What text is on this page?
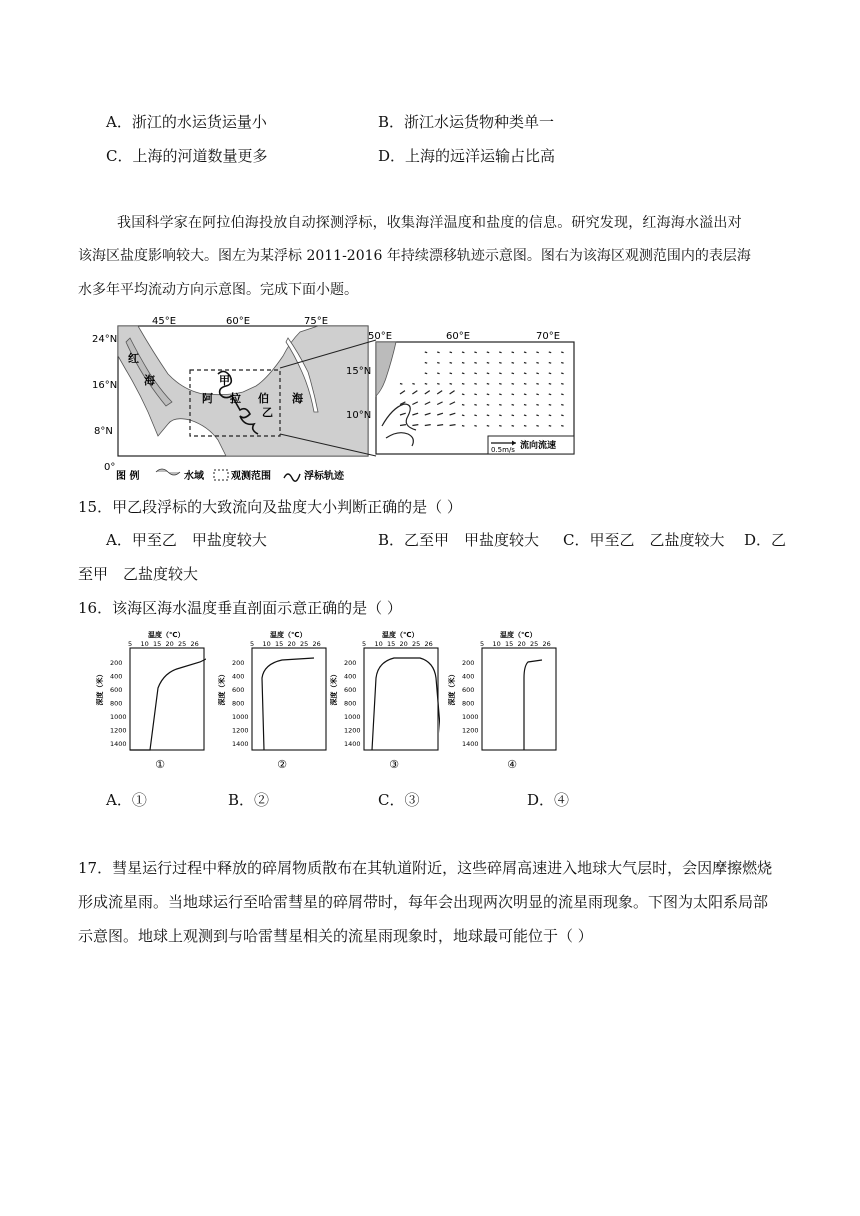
A．浙江的水运货运量小	B．浙江水运货物种类单一
C．上海的河道数量更多	D．上海的远洋运输占比高
我国科学家在阿拉伯海投放自动探测浮标，收集海洋温度和盐度的信息。研究发现，红海海水溢出对
该海区盐度影响较大。图左为某浮标 2011-2016 年持续漂移轨迹示意图。图右为该海区观测范围内的表层海
水多年平均流动方向示意图。完成下面小题。
24°N
16°N
8°N
0°
45°E	60°E	75°E
红
海
阿 拉 伯 海
甲
乙
图 例	水域	观测范围	浮标轨迹
50°E	60°E	70°E
15°N
10°N
0.5m/s 流向流速
15．甲乙段浮标的大致流向及盐度大小判断正确的是（ ）
A．甲至乙　甲盐度较大	B．乙至甲　甲盐度较大 C．甲至乙　乙盐度较大 D．乙
至甲　乙盐度较大
16．该海区海水温度垂直剖面示意正确的是（ ）
温度（℃）
5 10 15 20 25 26
200
400
600
800
1000
1200
1400
深度（米）
①
温度（℃）
5 10 15 20 25 26
200
400
600
800
1000
1200
1400
深度（米）
②
温度（℃）
5 10 15 20 25 26
200
400
600
800
1000
1200
1400
深度（米）
③
温度（℃）
5 10 15 20 25 26
200
400
600
800
1000
1200
1400
深度（米）
④
A．①	B．②	C．③	D．④
17．彗星运行过程中释放的碎屑物质散布在其轨道附近，这些碎屑高速进入地球大气层时，会因摩擦燃烧
形成流星雨。当地球运行至哈雷彗星的碎屑带时，每年会出现两次明显的流星雨现象。下图为太阳系局部
示意图。地球上观测到与哈雷彗星相关的流星雨现象时，地球最可能位于（ ）
